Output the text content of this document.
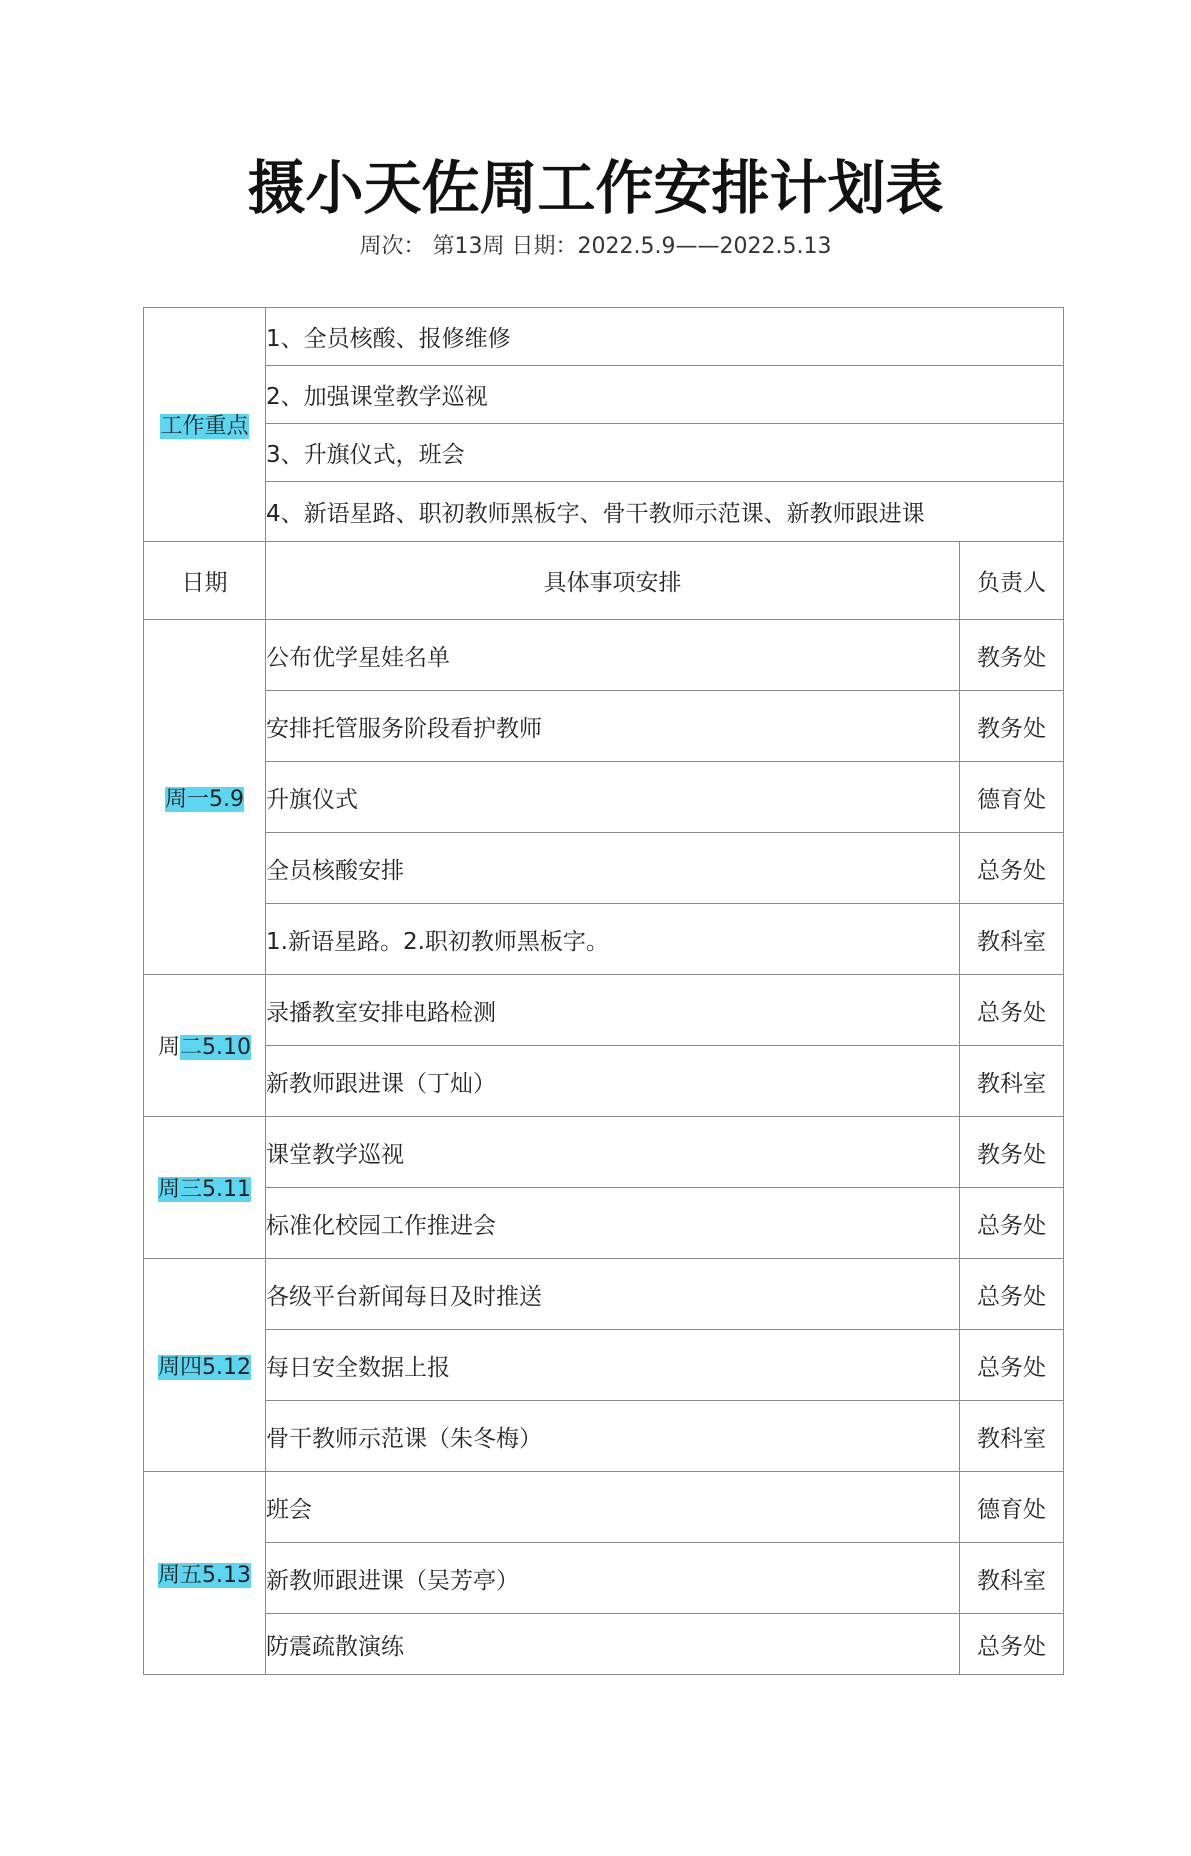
摄小天佐周工作安排计划表
周次： 第13周 日期：2022.5.9——2022.5.13
工作重点	1、全员核酸、报修维修	
	2、加强课堂教学巡视	
	3、升旗仪式，班会	
	4、新语星路、职初教师黑板字、骨干教师示范课、新教师跟进课	
日期	具体事项安排	负责人
周一5.9	公布优学星娃名单	教务处
	安排托管服务阶段看护教师	教务处
	升旗仪式	德育处
	全员核酸安排	总务处
	1.新语星路。2.职初教师黑板字。	教科室
周二5.10	录播教室安排电路检测	总务处
	新教师跟进课（丁灿）	教科室
周三5.11	课堂教学巡视	教务处
	标准化校园工作推进会	总务处
周四5.12	各级平台新闻每日及时推送	总务处
	每日安全数据上报	总务处
	骨干教师示范课（朱冬梅）	教科室
周五5.13	班会	德育处
	新教师跟进课（吴芳亭）	教科室
	防震疏散演练	总务处
